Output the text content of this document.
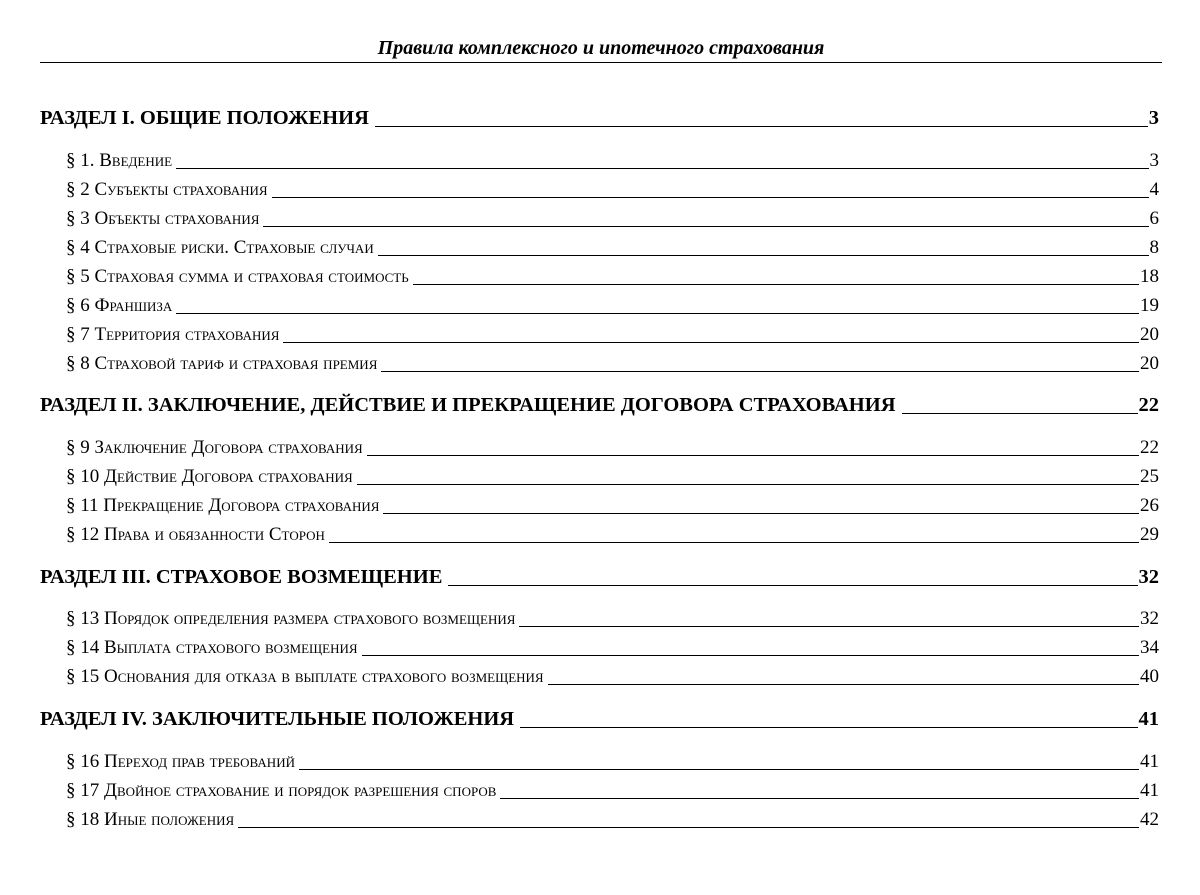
Правила комплексного и ипотечного страхования
РАЗДЕЛ I. ОБЩИЕ ПОЛОЖЕНИЯ	3
§ 1. Введение	3
§ 2 Субъекты страхования	4
§ 3 Объекты страхования	6
§ 4 Страховые риски. Страховые случаи	8
§ 5 Страховая сумма и страховая стоимость	18
§ 6 Франшиза	19
§ 7 Территория страхования	20
§ 8 Страховой тариф и страховая премия	20
РАЗДЕЛ II. ЗАКЛЮЧЕНИЕ, ДЕЙСТВИЕ И ПРЕКРАЩЕНИЕ ДОГОВОРА СТРАХОВАНИЯ	22
§ 9 Заключение Договора страхования	22
§ 10 Действие Договора страхования	25
§ 11 Прекращение Договора страхования	26
§ 12 Права и обязанности Сторон	29
РАЗДЕЛ III. СТРАХОВОЕ ВОЗМЕЩЕНИЕ	32
§ 13 Порядок определения размера страхового возмещения	32
§ 14 Выплата страхового возмещения	34
§ 15 Основания для отказа в выплате страхового возмещения	40
РАЗДЕЛ IV. ЗАКЛЮЧИТЕЛЬНЫЕ ПОЛОЖЕНИЯ	41
§ 16 Переход прав требований	41
§ 17 Двойное страхование и порядок разрешения споров	41
§ 18 Иные положения	42
